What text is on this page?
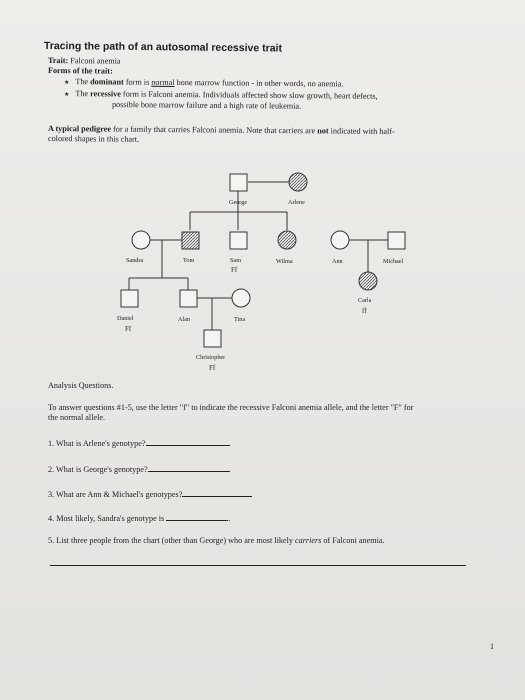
Tracing the path of an autosomal recessive trait
Trait: Falconi anemia
Forms of the trait:
★ The dominant form is normal bone marrow function - in other words, no anemia.
★ The recessive form is Falconi anemia. Individuals affected show slow growth, heart defects,
possible bone marrow failure and a high rate of leukemia.
A typical pedigree for a family that carries Falconi anemia. Note that carriers are not indicated with half-
colored shapes in this chart.
George	Arlene
Sandra	Tom	Sam
Ff
Wilma	Ann	Michael
Carla
ff
Daniel
Ff
Alan	Tina
Christopher
Ff
Analysis Questions.
To answer questions #1-5, use the letter "f" to indicate the recessive Falconi anemia allele, and the letter "F" for
the normal allele.
1. What is Arlene's genotype?
2. What is George's genotype?
3. What are Ann & Michael's genotypes?
4. Most likely, Sandra's genotype is	.
5. List three people from the chart (other than George) who are most likely carriers of Falconi anemia.
1
